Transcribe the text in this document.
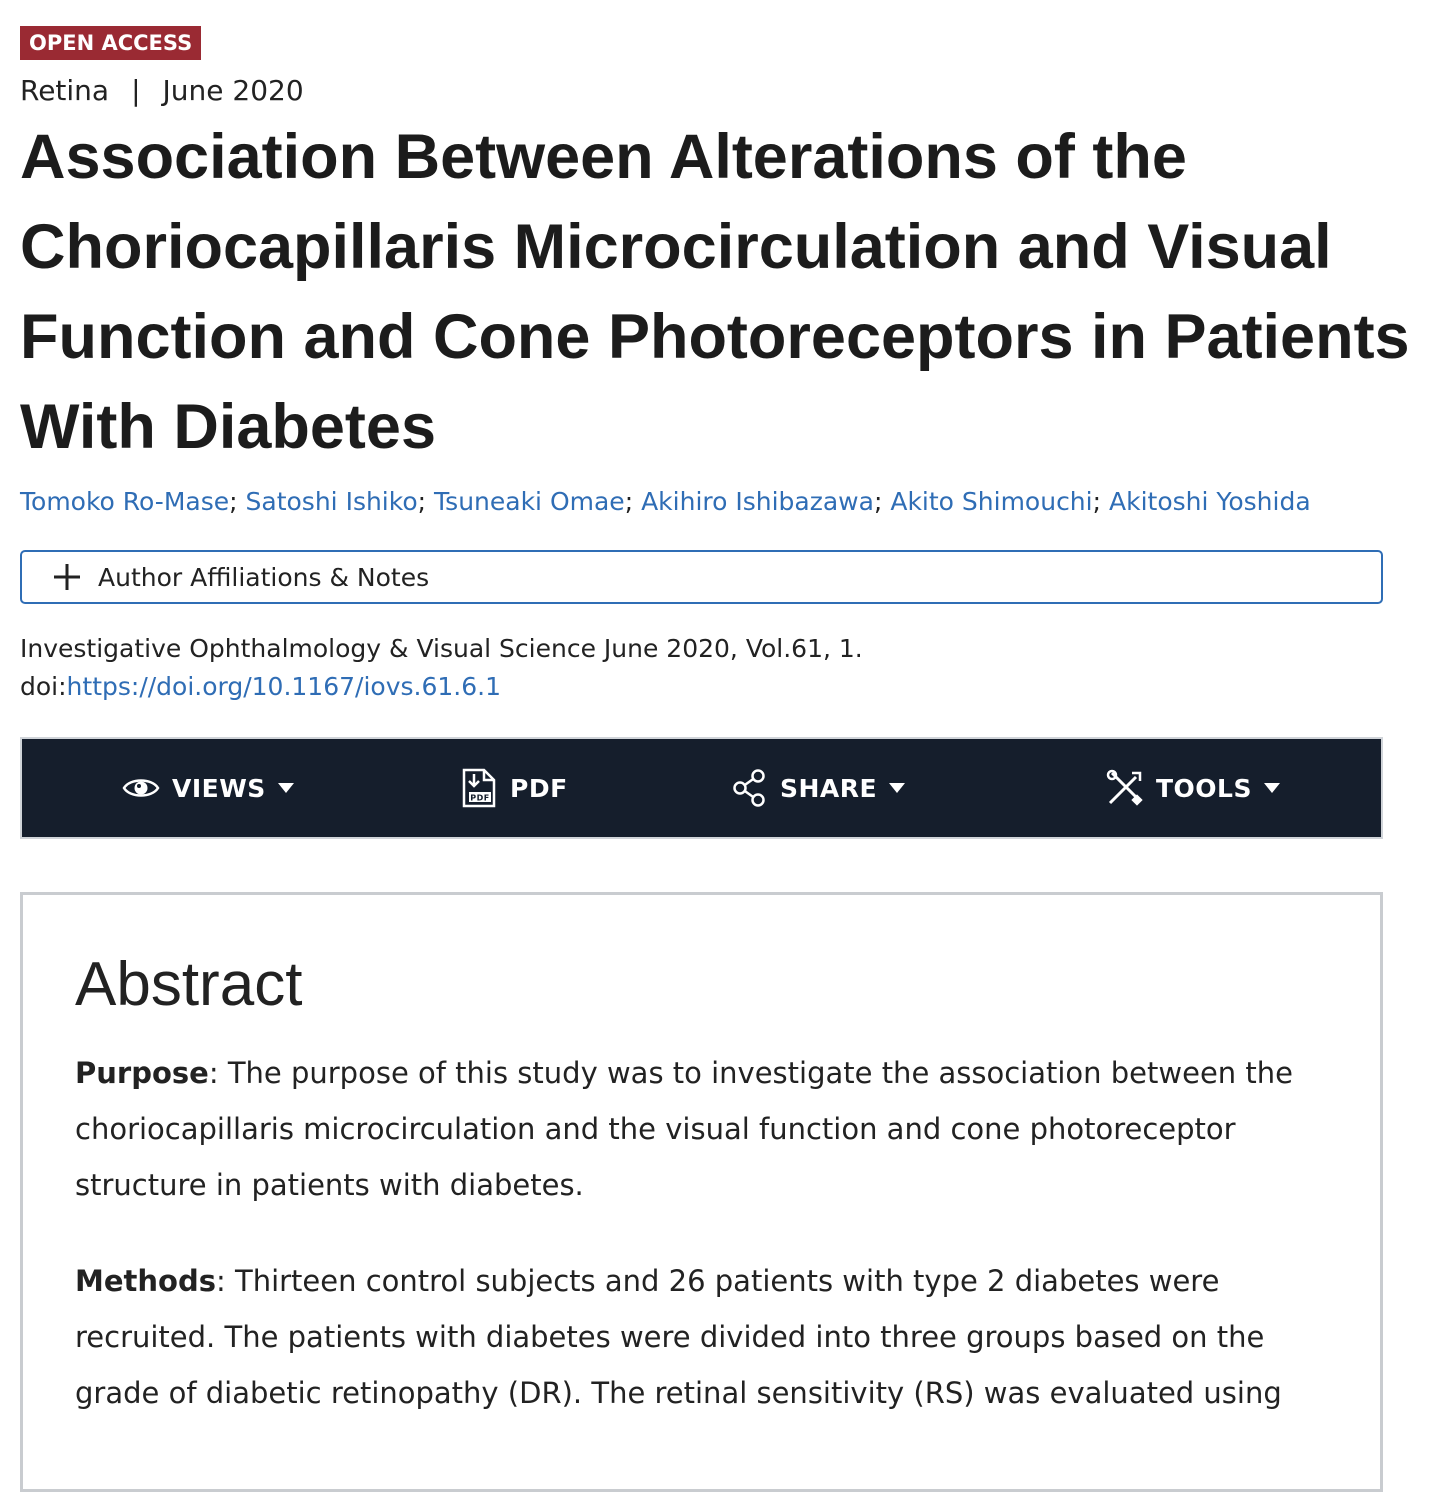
OPEN ACCESS
Retina | June 2020
Association Between Alterations of the Choriocapillaris Microcirculation and Visual Function and Cone Photoreceptors in Patients With Diabetes
Tomoko Ro-Mase; Satoshi Ishiko; Tsuneaki Omae; Akihiro Ishibazawa; Akito Shimouchi; Akitoshi Yoshida
Author Affiliations & Notes
Investigative Ophthalmology & Visual Science June 2020, Vol.61, 1.
doi:https://doi.org/10.1167/iovs.61.6.1
VIEWS	PDF PDF	SHARE	TOOLS
Abstract

Purpose: The purpose of this study was to investigate the association between the choriocapillaris microcirculation and the visual function and cone photoreceptor structure in patients with diabetes.

Methods: Thirteen control subjects and 26 patients with type 2 diabetes were recruited. The patients with diabetes were divided into three groups based on the grade of diabetic retinopathy (DR). The retinal sensitivity (RS) was evaluated using
